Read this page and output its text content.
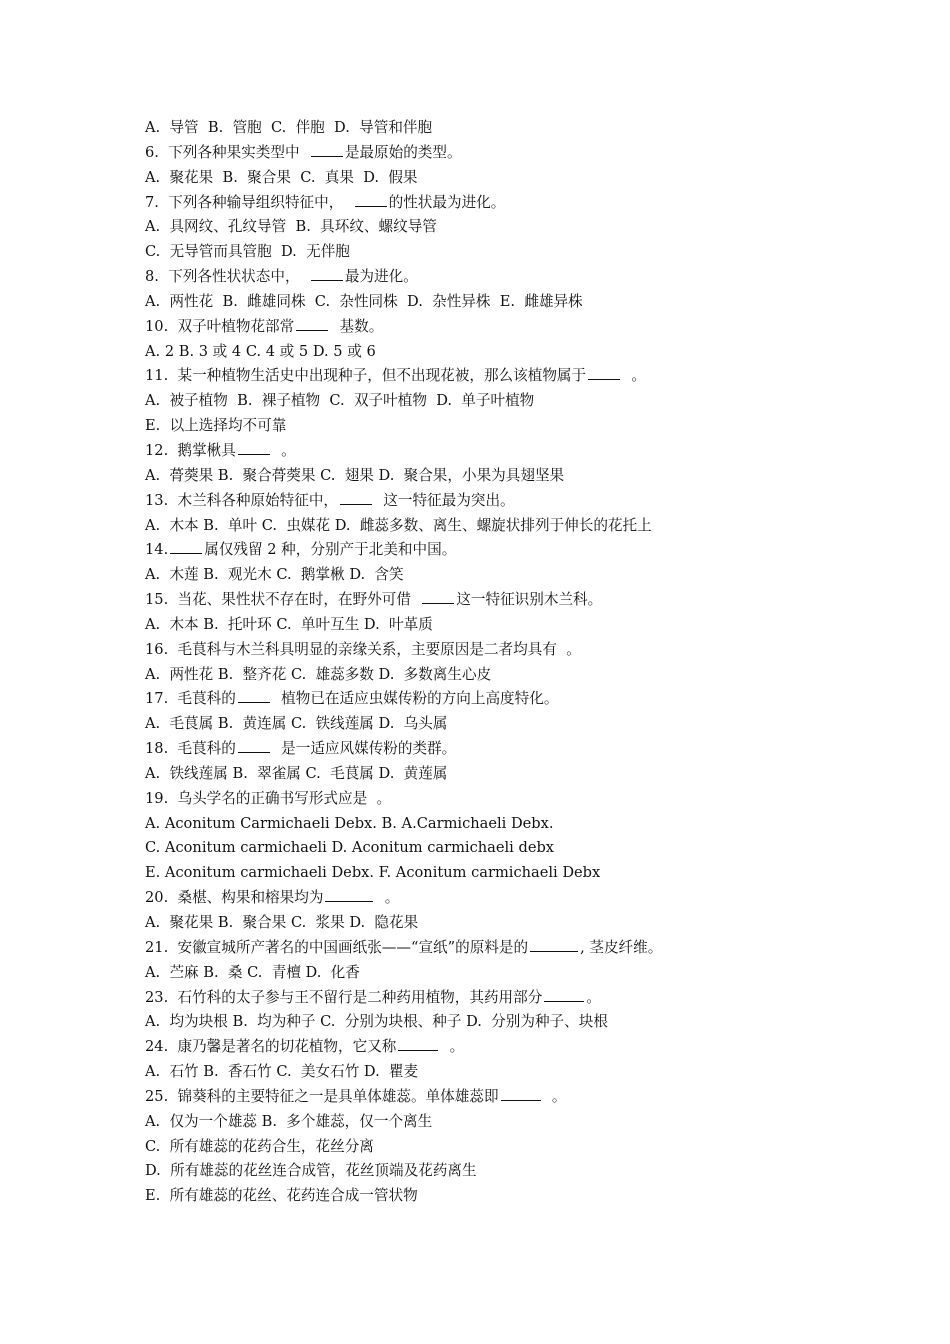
A.  导管  B.  管胞  C.  伴胞  D.  导管和伴胞
6.  下列各种果实类型中  是最原始的类型。
A.  聚花果  B.  聚合果  C.  真果  D.  假果
7.  下列各种输导组织特征中，  的性状最为进化。
A.  具网纹、孔纹导管  B.  具环纹、螺纹导管
C.  无导管而具管胞  D.  无伴胞
8.  下列各性状状态中，  最为进化。
A.  两性花  B.  雌雄同株  C.  杂性同株  D.  杂性异株  E.  雌雄异株
10.  双子叶植物花部常  基数。
A. 2 B. 3 或 4 C. 4 或 5 D. 5 或 6
11.  某一种植物生活史中出现种子，但不出现花被，那么该植物属于  。
A.  被子植物  B.  裸子植物  C.  双子叶植物  D.  单子叶植物
E.  以上选择均不可靠
12.  鹅掌楸具  。
A.  蓇葖果 B.  聚合蓇葖果 C.  翅果 D.  聚合果，小果为具翅坚果
13.  木兰科各种原始特征中，  这一特征最为突出。
A.  木本 B.  单叶 C.  虫媒花 D.  雌蕊多数、离生、螺旋状排列于伸长的花托上
14. 属仅残留 2 种，分别产于北美和中国。
A.  木莲 B.  观光木 C.  鹅掌楸 D.  含笑
15.  当花、果性状不存在时，在野外可借  这一特征识别木兰科。
A.  木本 B.  托叶环 C.  单叶互生 D.  叶革质
16.  毛茛科与木兰科具明显的亲缘关系，主要原因是二者均具有  。
A.  两性花 B.  整齐花 C.  雄蕊多数 D.  多数离生心皮
17.  毛茛科的  植物已在适应虫媒传粉的方向上高度特化。
A.  毛茛属 B.  黄连属 C.  铁线莲属 D.  乌头属
18.  毛茛科的  是一适应风媒传粉的类群。
A.  铁线莲属 B.  翠雀属 C.  毛茛属 D.  黄莲属
19.  乌头学名的正确书写形式应是  。
A. Aconitum Carmichaeli Debx. B. A.Carmichaeli Debx.
C. Aconitum carmichaeli D. Aconitum carmichaeli debx
E. Aconitum carmichaeli Debx. F. Aconitum carmichaeli Debx
20.  桑椹、构果和榕果均为	。
A.  聚花果 B.  聚合果 C.  浆果 D.  隐花果
21.  安徽宣城所产著名的中国画纸张——“宣纸”的原料是的	, 茎皮纤维。
A.  苎麻 B.  桑 C.  青檀 D.  化香
23.  石竹科的太子参与王不留行是二种药用植物，其药用部分	。
A.  均为块根 B.  均为种子 C.  分别为块根、种子 D.  分别为种子、块根
24.  康乃馨是著名的切花植物，它又称	。
A.  石竹 B.  香石竹 C.  美女石竹 D.  瞿麦
25.  锦葵科的主要特征之一是具单体雄蕊。单体雄蕊即	。
A.  仅为一个雄蕊 B.  多个雄蕊，仅一个离生
C.  所有雄蕊的花药合生，花丝分离
D.  所有雄蕊的花丝连合成管，花丝顶端及花药离生
E.  所有雄蕊的花丝、花药连合成一管状物
